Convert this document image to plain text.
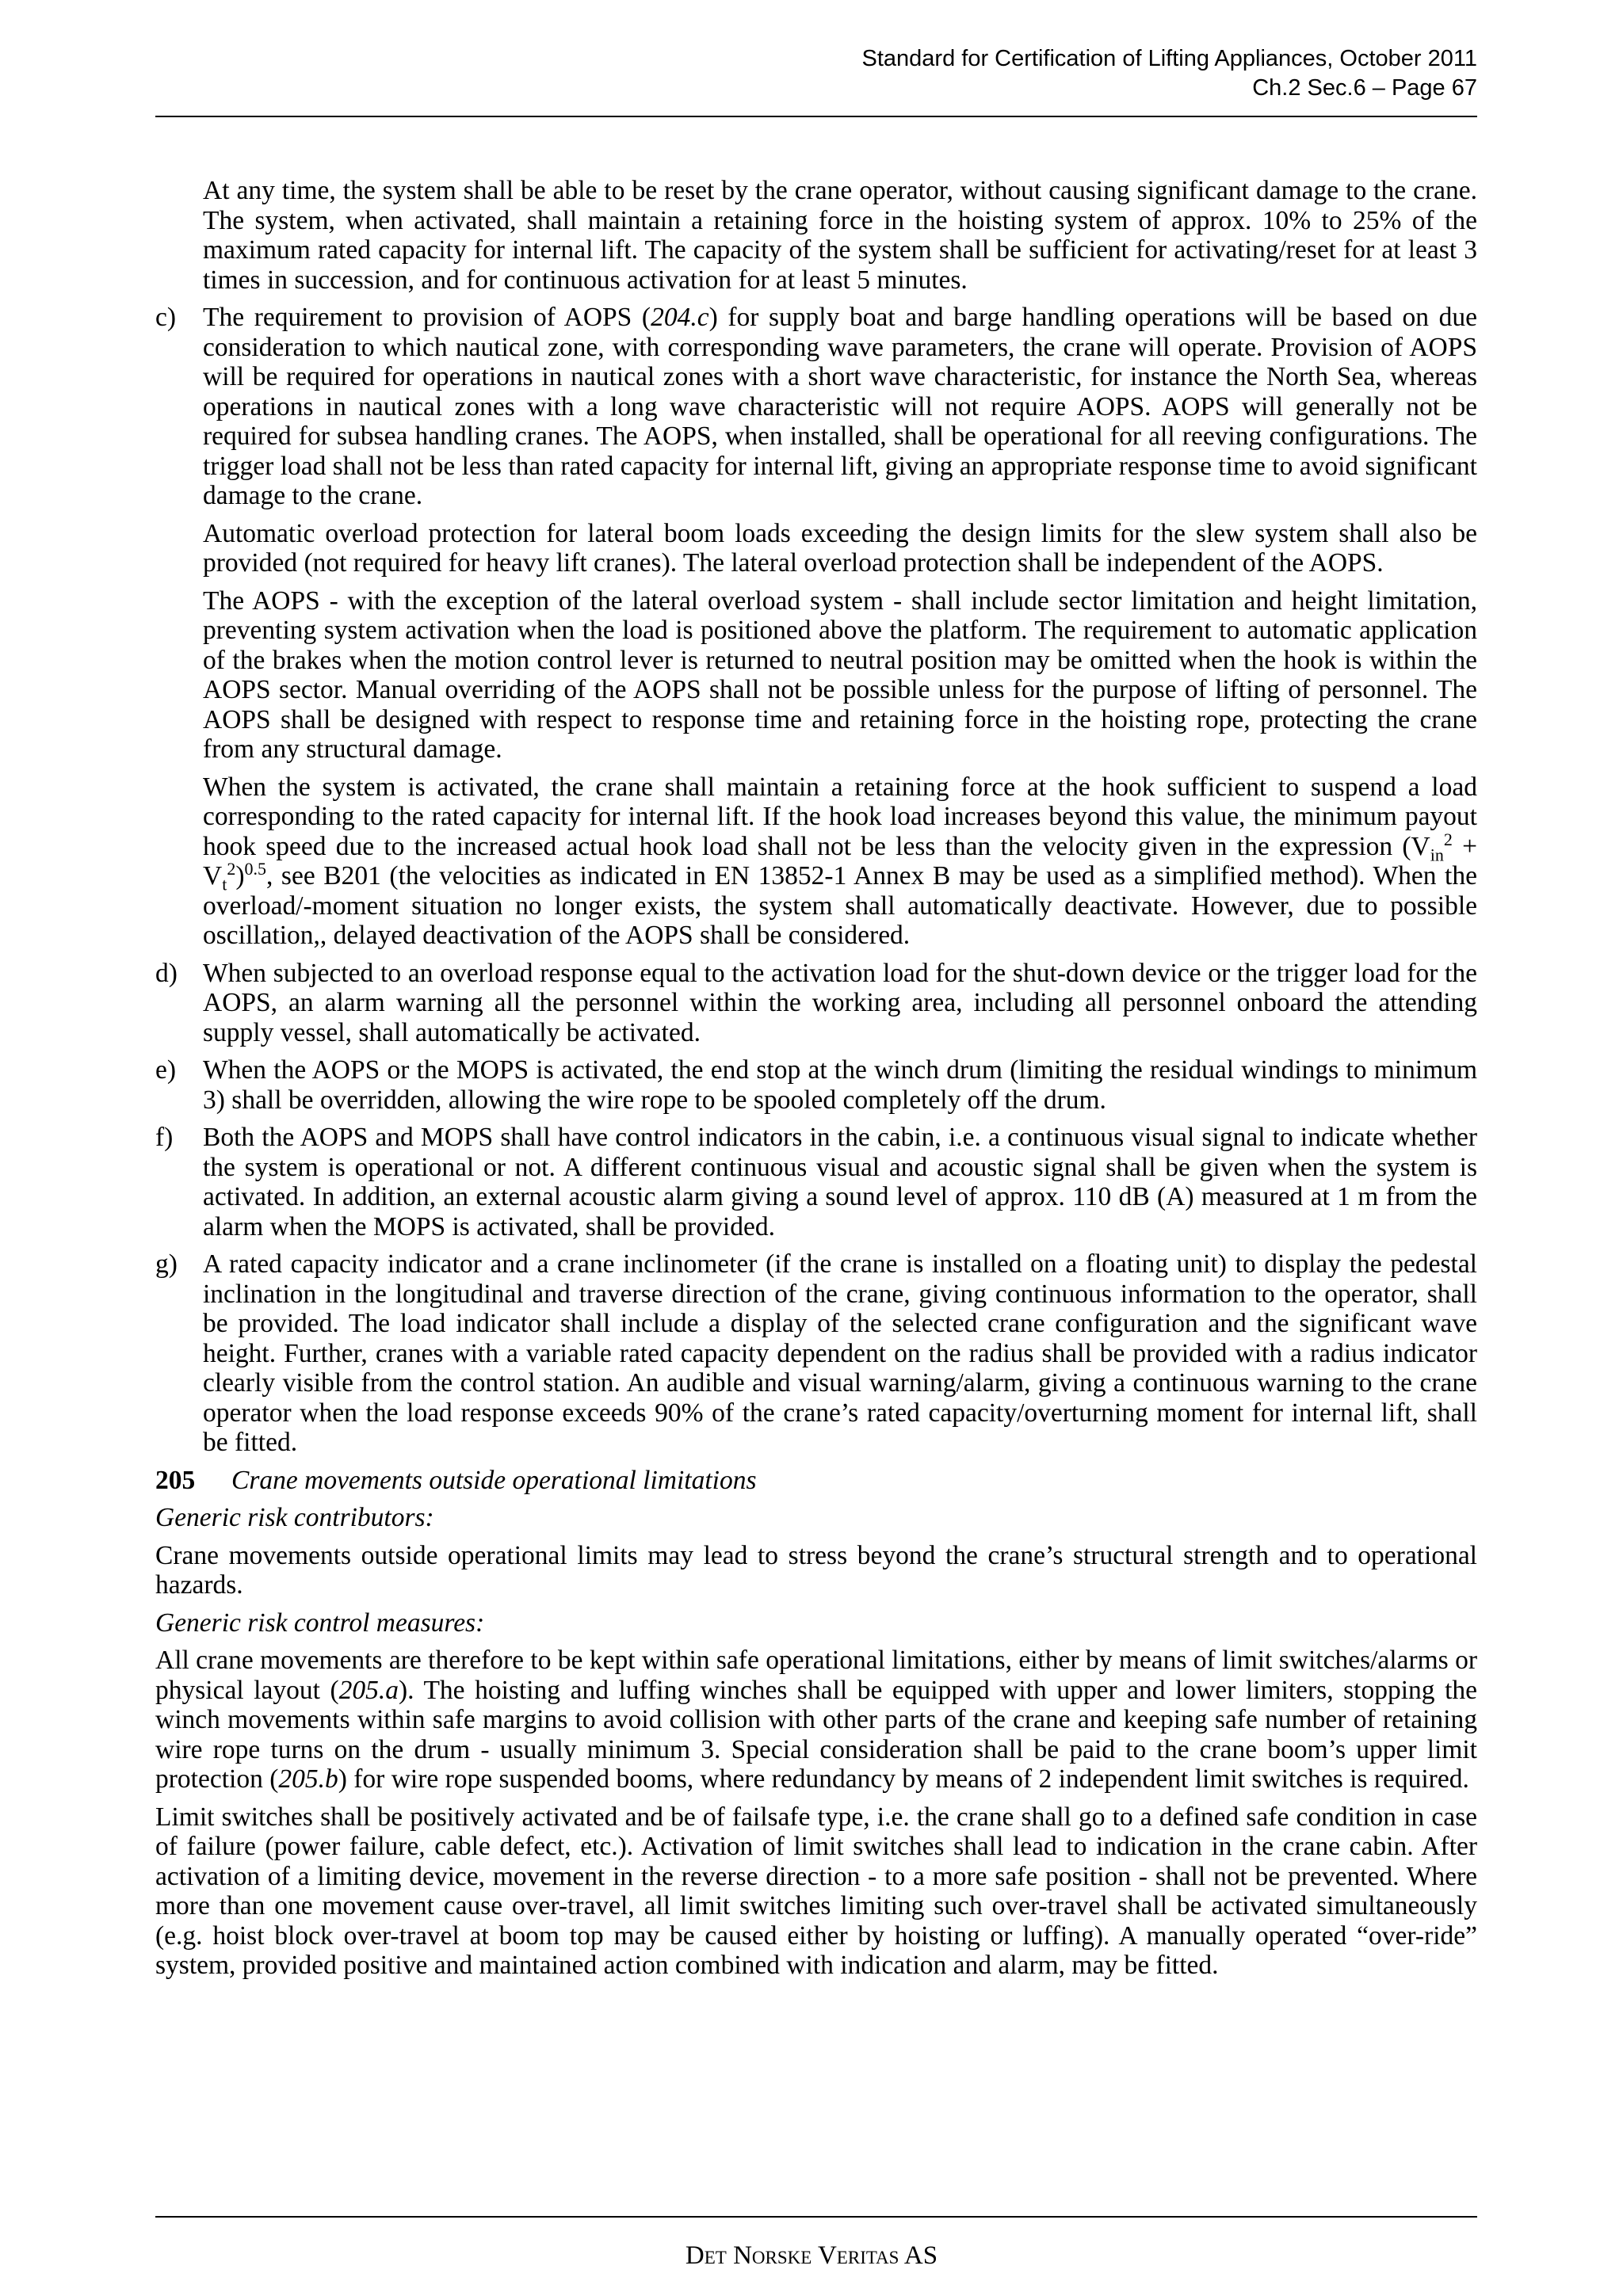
Standard for Certification of Lifting Appliances, October 2011
Ch.2 Sec.6 – Page 67

At any time, the system shall be able to be reset by the crane operator, without causing significant damage to the crane. The system, when activated, shall maintain a retaining force in the hoisting system of approx. 10% to 25% of the maximum rated capacity for internal lift. The capacity of the system shall be sufficient for activating/reset for at least 3 times in succession, and for continuous activation for at least 5 minutes.

c)	The requirement to provision of AOPS (204.c) for supply boat and barge handling operations will be based on due consideration to which nautical zone, with corresponding wave parameters, the crane will operate. Provision of AOPS will be required for operations in nautical zones with a short wave characteristic, for instance the North Sea, whereas operations in nautical zones with a long wave characteristic will not require AOPS. AOPS will generally not be required for subsea handling cranes. The AOPS, when installed, shall be operational for all reeving configurations. The trigger load shall not be less than rated capacity for internal lift, giving an appropriate response time to avoid significant damage to the crane.

Automatic overload protection for lateral boom loads exceeding the design limits for the slew system shall also be provided (not required for heavy lift cranes). The lateral overload protection shall be independent of the AOPS.

The AOPS - with the exception of the lateral overload system - shall include sector limitation and height limitation, preventing system activation when the load is positioned above the platform. The requirement to automatic application of the brakes when the motion control lever is returned to neutral position may be omitted when the hook is within the AOPS sector. Manual overriding of the AOPS shall not be possible unless for the purpose of lifting of personnel. The AOPS shall be designed with respect to response time and retaining force in the hoisting rope, protecting the crane from any structural damage.

When the system is activated, the crane shall maintain a retaining force at the hook sufficient to suspend a load corresponding to the rated capacity for internal lift. If the hook load increases beyond this value, the minimum payout hook speed due to the increased actual hook load shall not be less than the velocity given in the expression $(V_{in}^2 + V_t^2)^{0.5}$, see B201 (the velocities as indicated in EN 13852-1 Annex B may be used as a simplified method). When the overload/-moment situation no longer exists, the system shall automatically deactivate. However, due to possible oscillation,, delayed deactivation of the AOPS shall be considered.

d) When subjected to an overload response equal to the activation load for the shut-down device or the trigger load for the AOPS, an alarm warning all the personnel within the working area, including all personnel onboard the attending supply vessel, shall automatically be activated.

e)	When the AOPS or the MOPS is activated, the end stop at the winch drum (limiting the residual windings to minimum 3) shall be overridden, allowing the wire rope to be spooled completely off the drum.

f)	Both the AOPS and MOPS shall have control indicators in the cabin, i.e. a continuous visual signal to indicate whether the system is operational or not. A different continuous visual and acoustic signal shall be given when the system is activated. In addition, an external acoustic alarm giving a sound level of approx. 110 dB (A) measured at 1 m from the alarm when the MOPS is activated, shall be provided.

g) A rated capacity indicator and a crane inclinometer (if the crane is installed on a floating unit) to display the pedestal inclination in the longitudinal and traverse direction of the crane, giving continuous information to the operator, shall be provided. The load indicator shall include a display of the selected crane configuration and the significant wave height. Further, cranes with a variable rated capacity dependent on the radius shall be provided with a radius indicator clearly visible from the control station. An audible and visual warning/alarm, giving a continuous warning to the crane operator when the load response exceeds 90% of the crane’s rated capacity/overturning moment for internal lift, shall be fitted.

205 Crane movements outside operational limitations

Generic risk contributors:

Crane movements outside operational limits may lead to stress beyond the crane’s structural strength and to operational hazards.

Generic risk control measures:

All crane movements are therefore to be kept within safe operational limitations, either by means of limit switches/alarms or physical layout (205.a). The hoisting and luffing winches shall be equipped with upper and lower limiters, stopping the winch movements within safe margins to avoid collision with other parts of the crane and keeping safe number of retaining wire rope turns on the drum - usually minimum 3. Special consideration shall be paid to the crane boom’s upper limit protection (205.b) for wire rope suspended booms, where redundancy by means of 2 independent limit switches is required.

Limit switches shall be positively activated and be of failsafe type, i.e. the crane shall go to a defined safe condition in case of failure (power failure, cable defect, etc.). Activation of limit switches shall lead to indication in the crane cabin. After activation of a limiting device, movement in the reverse direction - to a more safe position - shall not be prevented. Where more than one movement cause over-travel, all limit switches limiting such over-travel shall be activated simultaneously (e.g. hoist block over-travel at boom top may be caused either by hoisting or luffing). A manually operated “over-ride” system, provided positive and maintained action combined with indication and alarm, may be fitted.

Det Norske Veritas AS
